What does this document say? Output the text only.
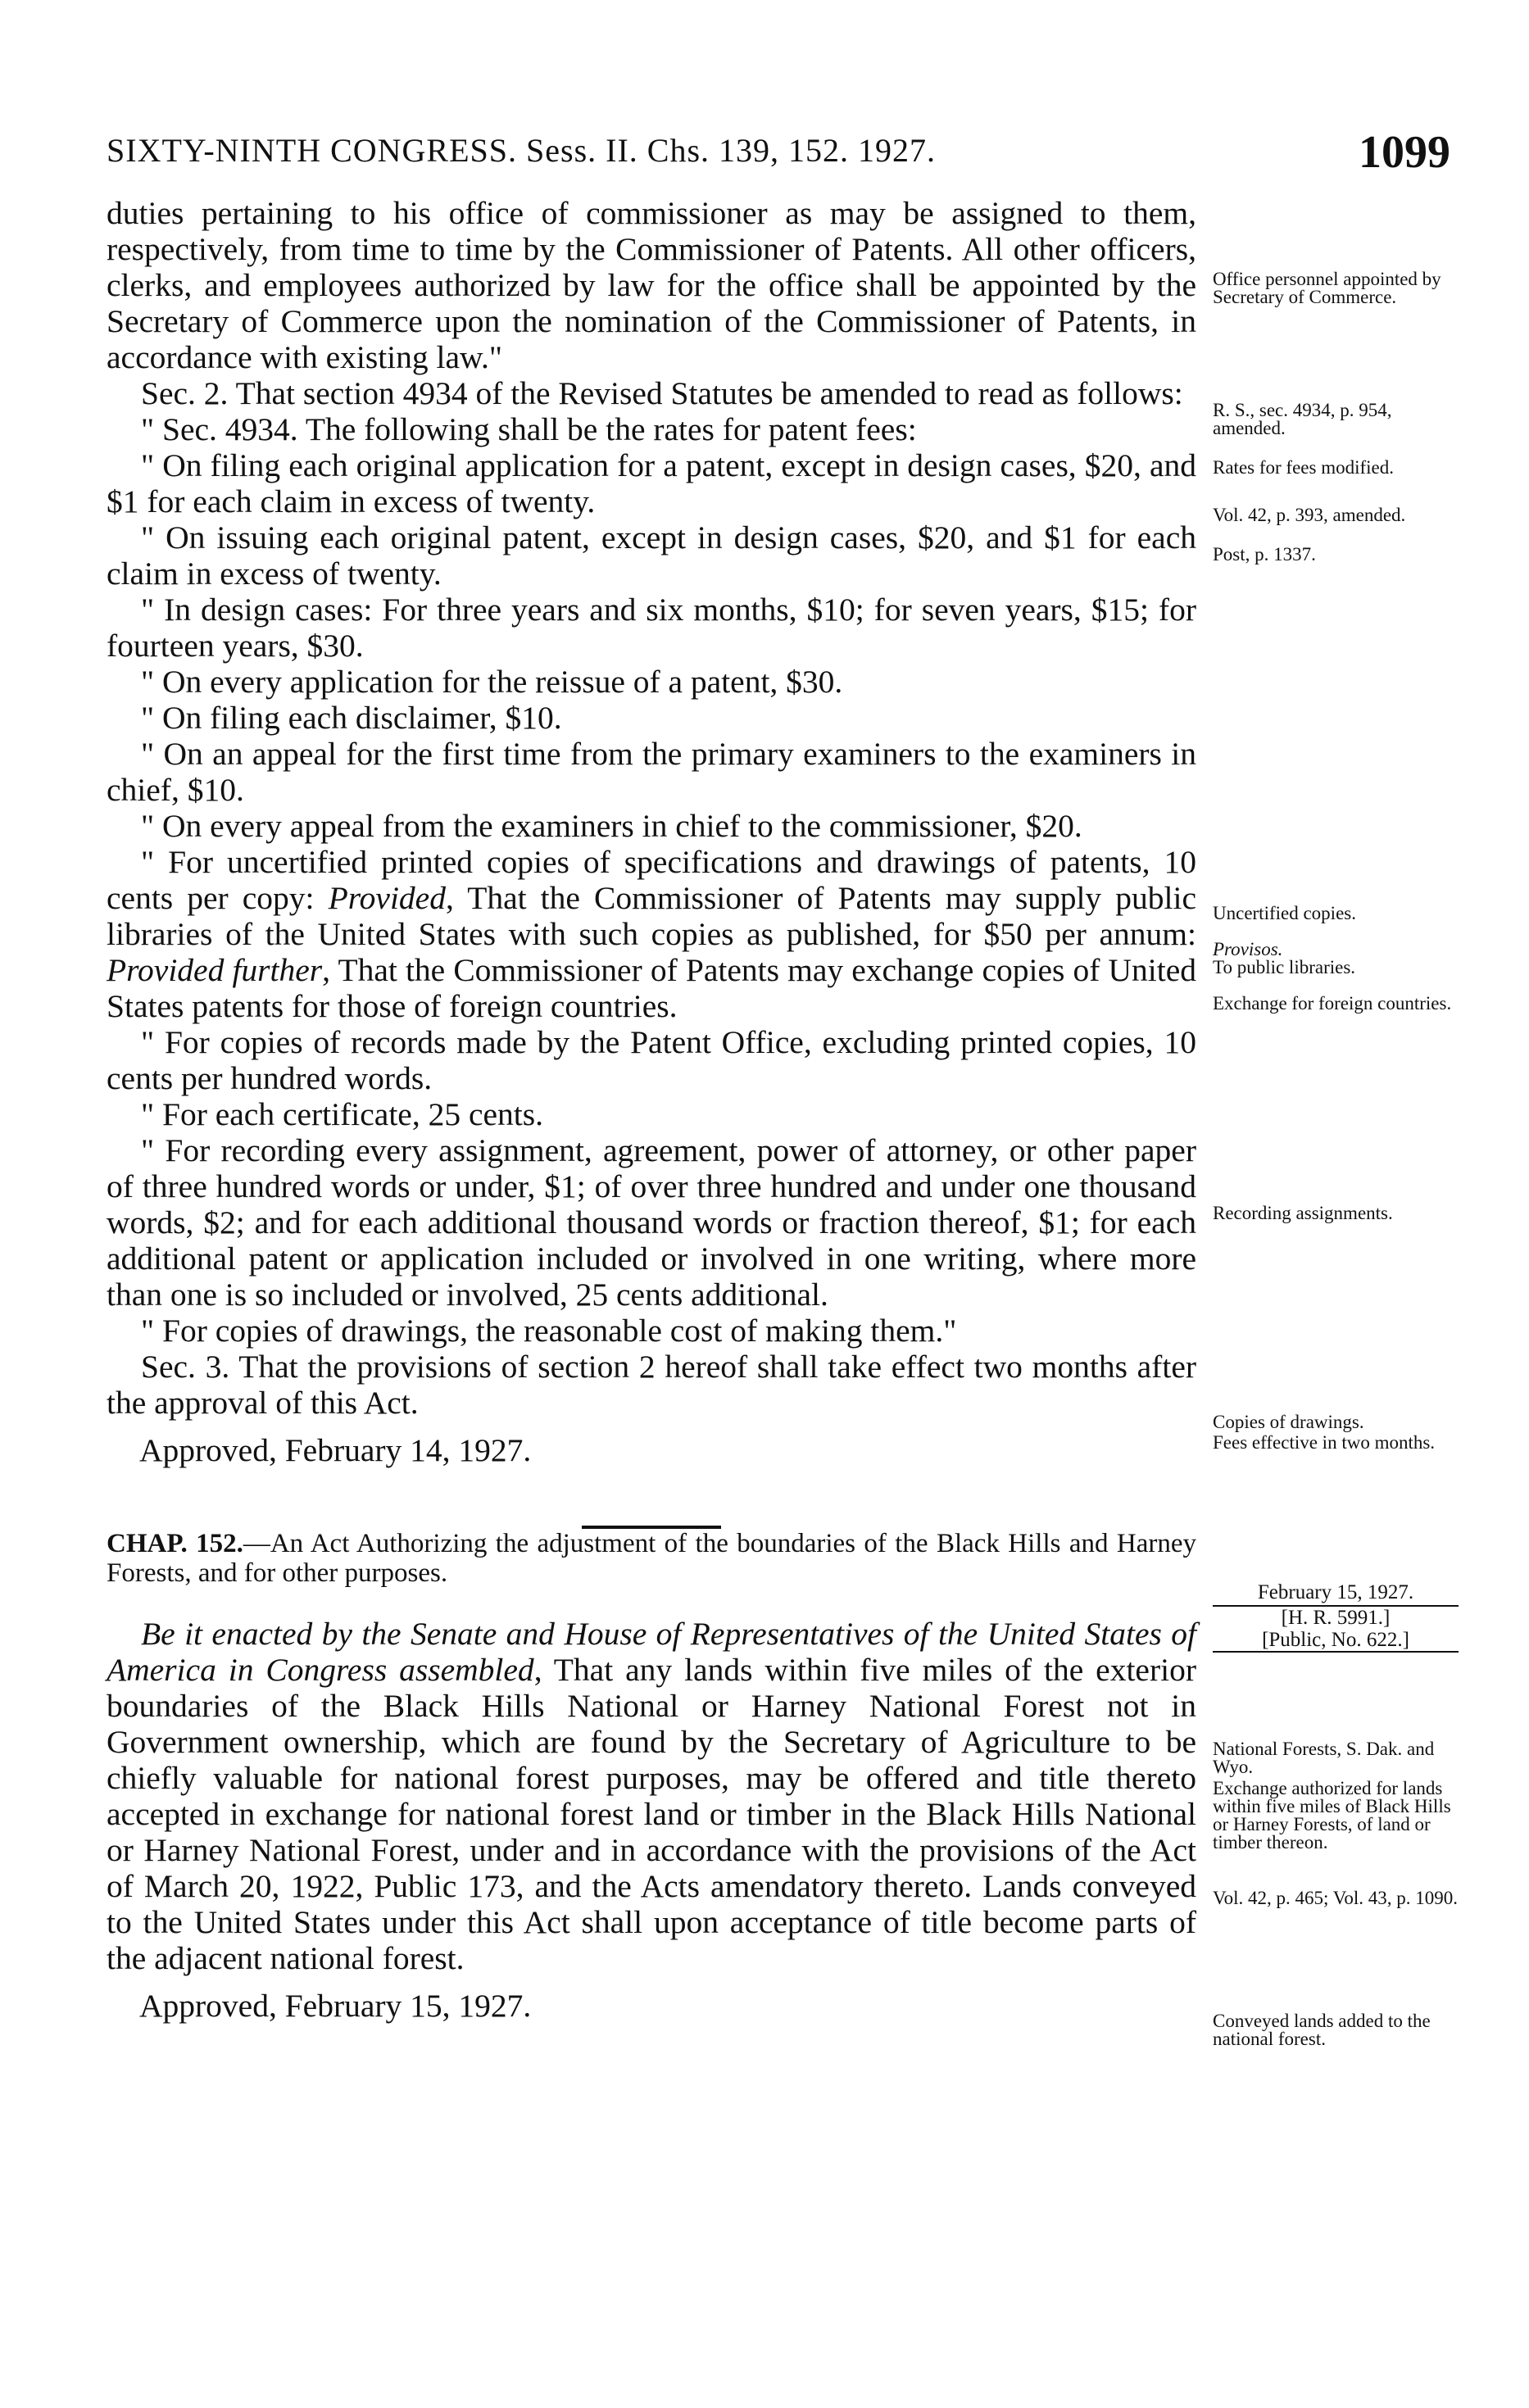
SIXTY-NINTH CONGRESS. Sess. II. Chs. 139, 152. 1927.	1099

duties pertaining to his office of commissioner as may be assigned to them, respectively, from time to time by the Commissioner of Patents. All other officers, clerks, and employees authorized by law for the office shall be appointed by the Secretary of Commerce upon the nomination of the Commissioner of Patents, in accordance with existing law."

Sec. 2. That section 4934 of the Revised Statutes be amended to read as follows:

" Sec. 4934. The following shall be the rates for patent fees:

" On filing each original application for a patent, except in design cases, $20, and $1 for each claim in excess of twenty.

" On issuing each original patent, except in design cases, $20, and $1 for each claim in excess of twenty.

" In design cases: For three years and six months, $10; for seven years, $15; for fourteen years, $30.

" On every application for the reissue of a patent, $30.

" On filing each disclaimer, $10.

" On an appeal for the first time from the primary examiners to the examiners in chief, $10.

" On every appeal from the examiners in chief to the commissioner, $20.

" For uncertified printed copies of specifications and drawings of patents, 10 cents per copy: Provided, That the Commissioner of Patents may supply public libraries of the United States with such copies as published, for $50 per annum: Provided further, That the Commissioner of Patents may exchange copies of United States patents for those of foreign countries.

" For copies of records made by the Patent Office, excluding printed copies, 10 cents per hundred words.

" For each certificate, 25 cents.

" For recording every assignment, agreement, power of attorney, or other paper of three hundred words or under, $1; of over three hundred and under one thousand words, $2; and for each additional thousand words or fraction thereof, $1; for each additional patent or application included or involved in one writing, where more than one is so included or involved, 25 cents additional.

" For copies of drawings, the reasonable cost of making them."

Sec. 3. That the provisions of section 2 hereof shall take effect two months after the approval of this Act.

Approved, February 14, 1927.

CHAP. 152.—An Act Authorizing the adjustment of the boundaries of the Black Hills and Harney Forests, and for other purposes.

Be it enacted by the Senate and House of Representatives of the United States of America in Congress assembled, That any lands within five miles of the exterior boundaries of the Black Hills National or Harney National Forest not in Government ownership, which are found by the Secretary of Agriculture to be chiefly valuable for national forest purposes, may be offered and title thereto accepted in exchange for national forest land or timber in the Black Hills National or Harney National Forest, under and in accordance with the provisions of the Act of March 20, 1922, Public 173, and the Acts amendatory thereto. Lands conveyed to the United States under this Act shall upon acceptance of title become parts of the adjacent national forest.

Approved, February 15, 1927.

Office personnel appointed by Secretary of Commerce.
R. S., sec. 4934, p. 954, amended.
Rates for fees modified.
Vol. 42, p. 393, amended.
Post, p. 1337.
Uncertified copies.
Provisos.
To public libraries.
Exchange for foreign countries.
Recording assignments.
Copies of drawings.
Fees effective in two months.
National Forests, S. Dak. and Wyo.
Exchange authorized for lands within five miles of Black Hills or Harney Forests, of land or timber thereon.
Vol. 42, p. 465; Vol. 43, p. 1090.
Conveyed lands added to the national forest.
February 15, 1927.
[H. R. 5991.]
[Public, No. 622.]
